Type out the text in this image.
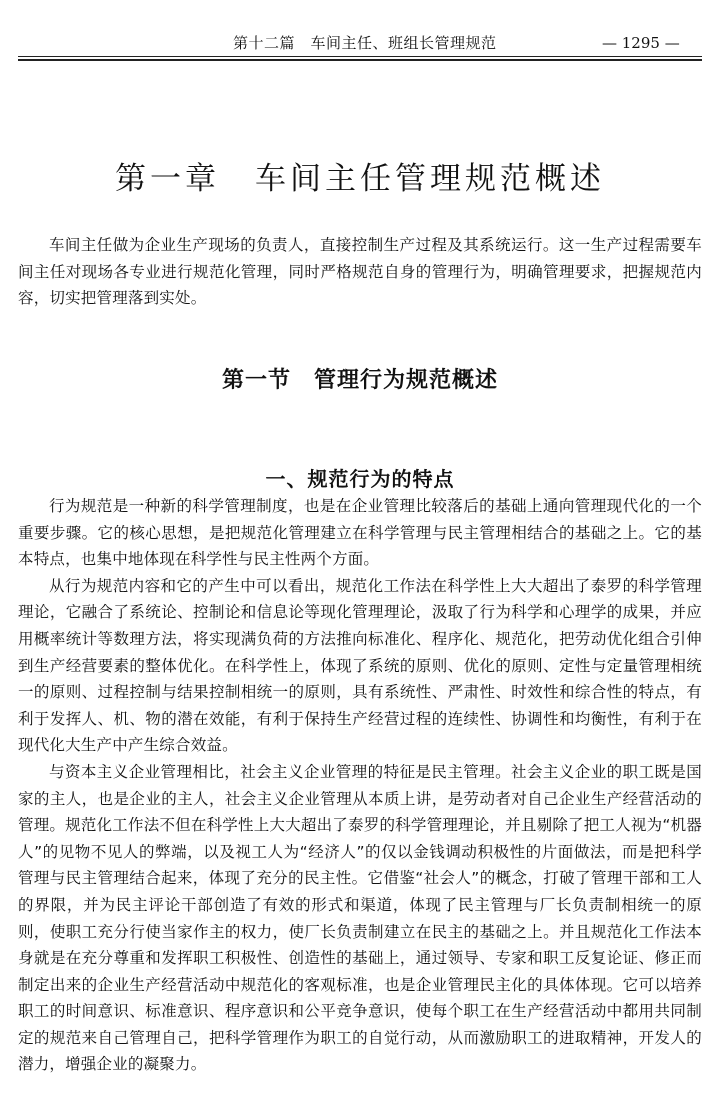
第十二篇　车间主任、班组长管理规范	— 1295 —
第一章　车间主任管理规范概述

车间主任做为企业生产现场的负责人，直接控制生产过程及其系统运行。这一生产过程需要车间主任对现场各专业进行规范化管理，同时严格规范自身的管理行为，明确管理要求，把握规范内容，切实把管理落到实处。

第一节　管理行为规范概述
一、规范行为的特点

行为规范是一种新的科学管理制度，也是在企业管理比较落后的基础上通向管理现代化的一个重要步骤。它的核心思想，是把规范化管理建立在科学管理与民主管理相结合的基础之上。它的基本特点，也集中地体现在科学性与民主性两个方面。

从行为规范内容和它的产生中可以看出，规范化工作法在科学性上大大超出了泰罗的科学管理理论，它融合了系统论、控制论和信息论等现化管理理论，汲取了行为科学和心理学的成果，并应用概率统计等数理方法，将实现满负荷的方法推向标准化、程序化、规范化，把劳动优化组合引伸到生产经营要素的整体优化。在科学性上，体现了系统的原则、优化的原则、定性与定量管理相统一的原则、过程控制与结果控制相统一的原则，具有系统性、严肃性、时效性和综合性的特点，有利于发挥人、机、物的潜在效能，有利于保持生产经营过程的连续性、协调性和均衡性，有利于在现代化大生产中产生综合效益。

与资本主义企业管理相比，社会主义企业管理的特征是民主管理。社会主义企业的职工既是国家的主人，也是企业的主人，社会主义企业管理从本质上讲，是劳动者对自己企业生产经营活动的管理。规范化工作法不但在科学性上大大超出了泰罗的科学管理理论，并且剔除了把工人视为“机器人”的见物不见人的弊端，以及视工人为“经济人”的仅以金钱调动积极性的片面做法，而是把科学管理与民主管理结合起来，体现了充分的民主性。它借鉴“社会人”的概念，打破了管理干部和工人的界限，并为民主评论干部创造了有效的形式和渠道，体现了民主管理与厂长负责制相统一的原则，使职工充分行使当家作主的权力，使厂长负责制建立在民主的基础之上。并且规范化工作法本身就是在充分尊重和发挥职工积极性、创造性的基础上，通过领导、专家和职工反复论证、修正而制定出来的企业生产经营活动中规范化的客观标准，也是企业管理民主化的具体体现。它可以培养职工的时间意识、标准意识、程序意识和公平竞争意识，使每个职工在生产经营活动中都用共同制定的规范来自己管理自己，把科学管理作为职工的自觉行动，从而激励职工的进取精神，开发人的潜力，增强企业的凝聚力。
